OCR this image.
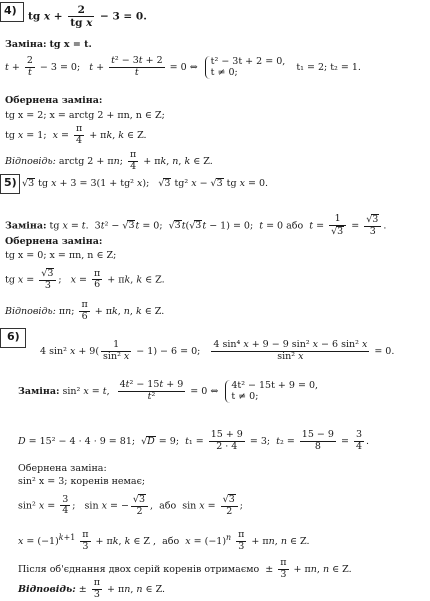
4) tg $x + \frac{2}{\text{tg x}} - 3 = 0$.
Заміна: tg x = t.
$t + \frac{2}{t} - 3 = 0$;   $t + \frac{\text{t² − 3t + 2}}{t} = 0$ ⇔
t² − 3t + 2 = 0,
t ≠ 0;	t₁ = 2; t₂ = 1.
Обернена заміна:
tg x = 2; x = arctg 2 + πn, n ∈ Z;
tg x = 1;  $x = \frac{\pi}{4} + \pi k$, k ∈ Z.
Відповідь: arctg 2 + πn; $\frac{\pi}{4} + \pi k$, n, k ∈ Z.
5) √3 tg x + 3 = 3(1 + tg² x);   √3 tg² x − √3 tg x = 0.
Заміна: tg x = t.  3t² − √3t = 0;  √3t(√3t − 1) = 0;  t = 0 або  $t = \frac{1}{√3} = \frac{√3}{3}$ .
Обернена заміна:
tg x = 0; x = πn, n ∈ Z;
tg $x = \frac{√3}{3}$ ;   $x = \frac{\pi}{6} + \pi k$, k ∈ Z.
Відповідь: πn; $\frac{\pi}{6} + \pi k$, n, k ∈ Z.
6)
4 sin² $x + 9( \frac{1}{\text{sin² x}} - 1) - 6 = 0$; $\frac{\text{4 sin⁴ x + 9 − 9 sin² x − 6 sin² x}}{\text{sin² x}} = 0$.
Заміна: sin² x = t, $\frac{\text{4t² − 15t + 9}}{\text{t²}} = 0$ ⇔
4t² − 15t + 9 = 0,
t ≠ 0;
D = 15² − 4 · 4 · 9 = 81;  √D = 9;  $t_1 = \frac{15 + 9}{2 \cdot 4} = 3$;  $t_2 = \frac{15 - 9}{8} = \frac{3}{4}$ .
Обернена заміна:
sin² x = 3; коренів немає;
sin² $x = \frac{3}{4}$ ;   sin x = − $\frac{√3}{2}$ ,  або  $\sin x = \frac{√3}{2}$ ;
$x = (-1)^{k+1} \frac{\pi}{3} + \pi k$, k ∈ Z ,  або  $x = (-1)^n \frac{\pi}{3} + \pi n$, n ∈ Z.
Після об'єднання двох серій коренів отримаємо  ± $\frac{\pi}{3} + \pi n$, n ∈ Z.
Відповідь: ± $\frac{\pi}{3} + \pi n$, n ∈ Z.
